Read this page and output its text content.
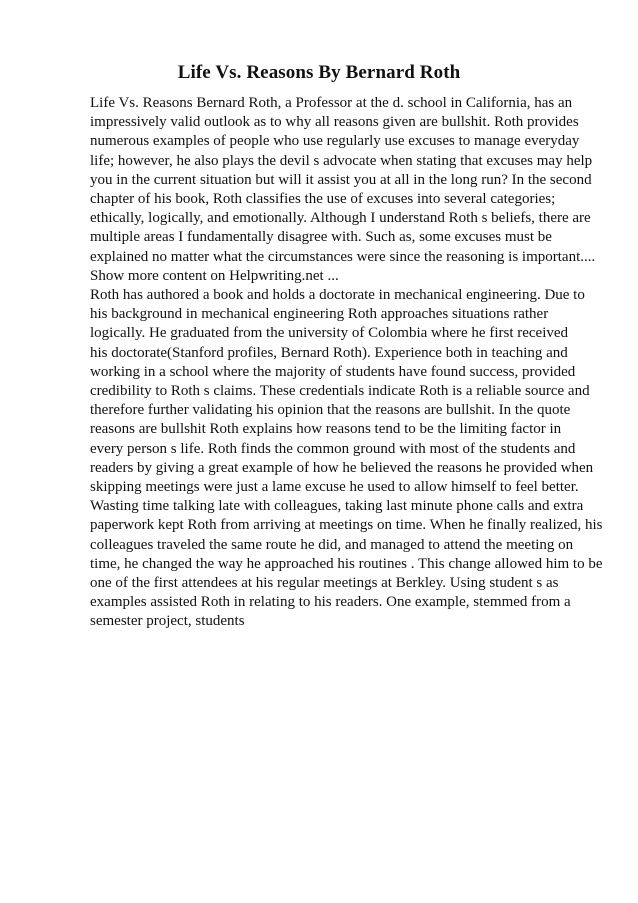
Life Vs. Reasons By Bernard Roth
Life Vs. Reasons Bernard Roth, a Professor at the d. school in California, has an
impressively valid outlook as to why all reasons given are bullshit. Roth provides
numerous examples of people who use regularly use excuses to manage everyday
life; however, he also plays the devil s advocate when stating that excuses may help
you in the current situation but will it assist you at all in the long run? In the second
chapter of his book, Roth classifies the use of excuses into several categories;
ethically, logically, and emotionally. Although I understand Roth s beliefs, there are
multiple areas I fundamentally disagree with. Such as, some excuses must be
explained no matter what the circumstances were since the reasoning is important....
Show more content on Helpwriting.net ...
Roth has authored a book and holds a doctorate in mechanical engineering. Due to
his background in mechanical engineering Roth approaches situations rather
logically. He graduated from the university of Colombia where he first received
his doctorate(Stanford profiles, Bernard Roth). Experience both in teaching and
working in a school where the majority of students have found success, provided
credibility to Roth s claims. These credentials indicate Roth is a reliable source and
therefore further validating his opinion that the reasons are bullshit. In the quote
reasons are bullshit Roth explains how reasons tend to be the limiting factor in
every person s life. Roth finds the common ground with most of the students and
readers by giving a great example of how he believed the reasons he provided when
skipping meetings were just a lame excuse he used to allow himself to feel better.
Wasting time talking late with colleagues, taking last minute phone calls and extra
paperwork kept Roth from arriving at meetings on time. When he finally realized, his
colleagues traveled the same route he did, and managed to attend the meeting on
time, he changed the way he approached his routines . This change allowed him to be
one of the first attendees at his regular meetings at Berkley. Using student s as
examples assisted Roth in relating to his readers. One example, stemmed from a
semester project, students
